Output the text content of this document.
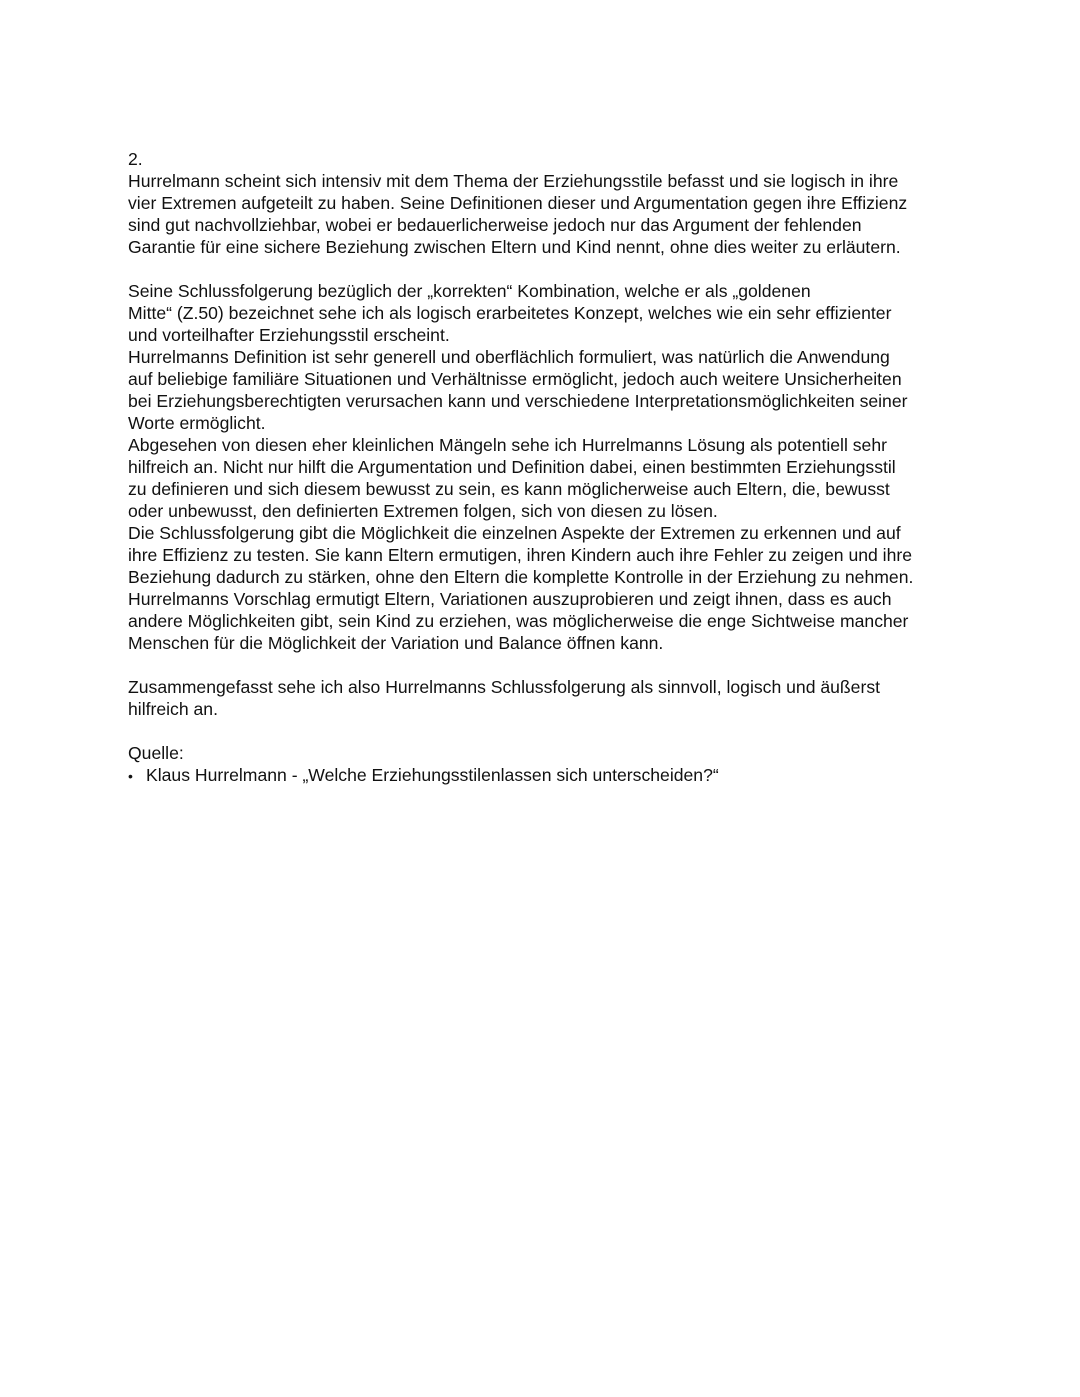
2.
Hurrelmann scheint sich intensiv mit dem Thema der Erziehungsstile befasst und sie logisch in ihre
vier Extremen aufgeteilt zu haben. Seine Definitionen dieser und Argumentation gegen ihre Effizienz
sind gut nachvollziehbar, wobei er bedauerlicherweise jedoch nur das Argument der fehlenden
Garantie für eine sichere Beziehung zwischen Eltern und Kind nennt, ohne dies weiter zu erläutern.
Seine Schlussfolgerung bezüglich der „korrekten“ Kombination, welche er als „goldenen
Mitte“ (Z.50) bezeichnet sehe ich als logisch erarbeitetes Konzept, welches wie ein sehr effizienter
und vorteilhafter Erziehungsstil erscheint.
Hurrelmanns Definition ist sehr generell und oberflächlich formuliert, was natürlich die Anwendung
auf beliebige familiäre Situationen und Verhältnisse ermöglicht, jedoch auch weitere Unsicherheiten
bei Erziehungsberechtigten verursachen kann und verschiedene Interpretationsmöglichkeiten seiner
Worte ermöglicht.
Abgesehen von diesen eher kleinlichen Mängeln sehe ich Hurrelmanns Lösung als potentiell sehr
hilfreich an. Nicht nur hilft die Argumentation und Definition dabei, einen bestimmten Erziehungsstil
zu definieren und sich diesem bewusst zu sein, es kann möglicherweise auch Eltern, die, bewusst
oder unbewusst, den definierten Extremen folgen, sich von diesen zu lösen.
Die Schlussfolgerung gibt die Möglichkeit die einzelnen Aspekte der Extremen zu erkennen und auf
ihre Effizienz zu testen. Sie kann Eltern ermutigen, ihren Kindern auch ihre Fehler zu zeigen und ihre
Beziehung dadurch zu stärken, ohne den Eltern die komplette Kontrolle in der Erziehung zu nehmen.
Hurrelmanns Vorschlag ermutigt Eltern, Variationen auszuprobieren und zeigt ihnen, dass es auch
andere Möglichkeiten gibt, sein Kind zu erziehen, was möglicherweise die enge Sichtweise mancher
Menschen für die Möglichkeit der Variation und Balance öffnen kann.
Zusammengefasst sehe ich also Hurrelmanns Schlussfolgerung als sinnvoll, logisch und äußerst
hilfreich an.
Quelle:
• Klaus Hurrelmann - „Welche Erziehungsstilenlassen sich unterscheiden?“
